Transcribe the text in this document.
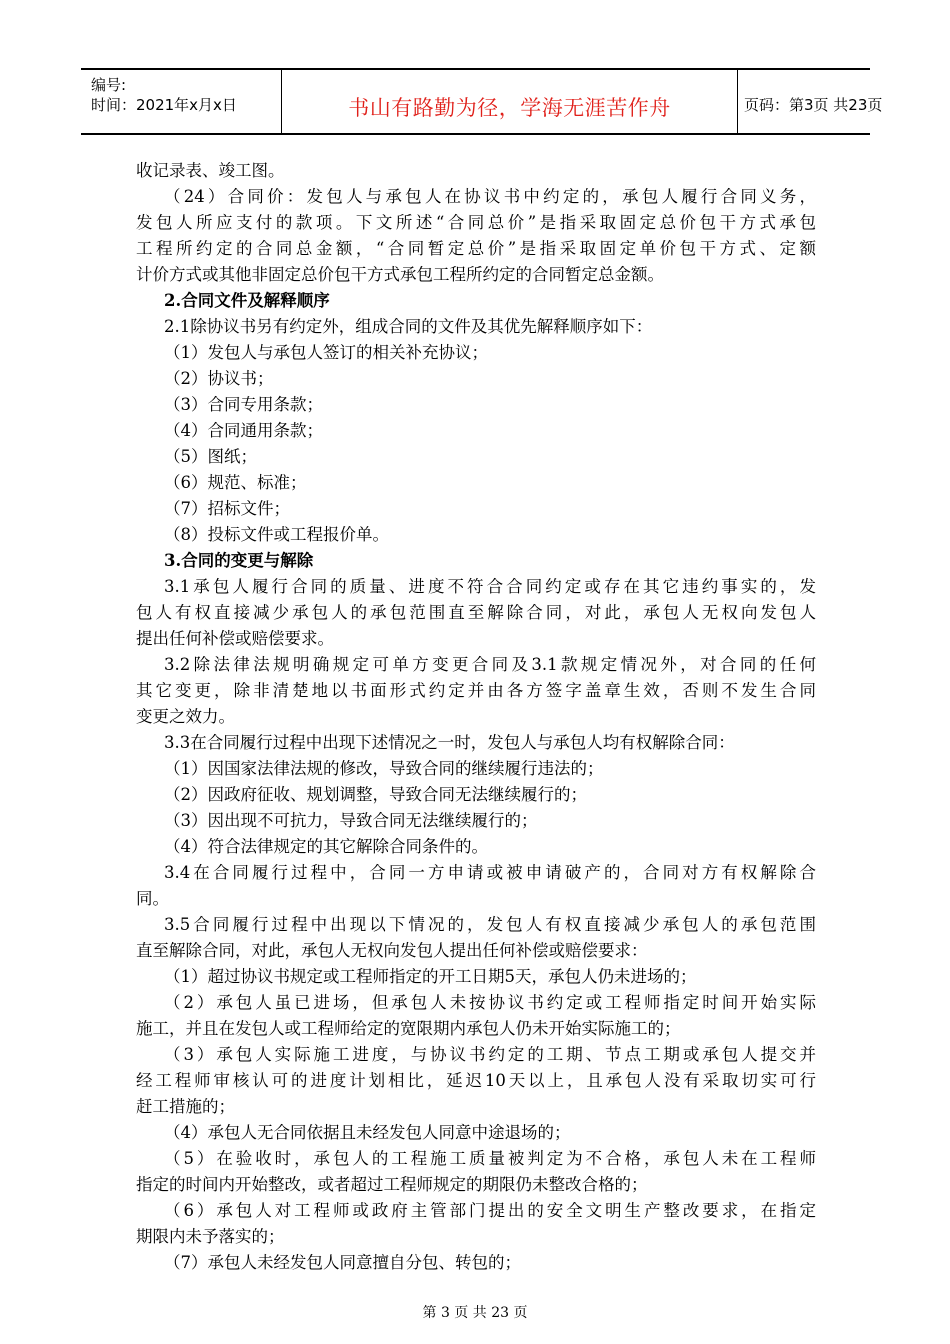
编号:
时间：2021年x月x日	书山有路勤为径，学海无涯苦作舟	页码：第3页 共23页
收记录表、竣工图。
（24）合同价：发包人与承包人在协议书中约定的，承包人履行合同义务，
发包人所应支付的款项。下文所述“合同总价”是指采取固定总价包干方式承包
工程所约定的合同总金额，“合同暂定总价”是指采取固定单价包干方式、定额
计价方式或其他非固定总价包干方式承包工程所约定的合同暂定总金额。
2.合同文件及解释顺序
2.1除协议书另有约定外，组成合同的文件及其优先解释顺序如下：
（1）发包人与承包人签订的相关补充协议；
（2）协议书；
（3）合同专用条款；
（4）合同通用条款；
（5）图纸；
（6）规范、标准；
（7）招标文件；
（8）投标文件或工程报价单。
3.合同的变更与解除
3.1承包人履行合同的质量、进度不符合合同约定或存在其它违约事实的，发
包人有权直接减少承包人的承包范围直至解除合同，对此，承包人无权向发包人
提出任何补偿或赔偿要求。
3.2除法律法规明确规定可单方变更合同及3.1款规定情况外，对合同的任何
其它变更，除非清楚地以书面形式约定并由各方签字盖章生效，否则不发生合同
变更之效力。
3.3在合同履行过程中出现下述情况之一时，发包人与承包人均有权解除合同：
（1）因国家法律法规的修改，导致合同的继续履行违法的；
（2）因政府征收、规划调整，导致合同无法继续履行的；
（3）因出现不可抗力，导致合同无法继续履行的；
（4）符合法律规定的其它解除合同条件的。
3.4在合同履行过程中，合同一方申请或被申请破产的，合同对方有权解除合
同。
3.5合同履行过程中出现以下情况的，发包人有权直接减少承包人的承包范围
直至解除合同，对此，承包人无权向发包人提出任何补偿或赔偿要求：
（1）超过协议书规定或工程师指定的开工日期5天，承包人仍未进场的；
（2）承包人虽已进场，但承包人未按协议书约定或工程师指定时间开始实际
施工，并且在发包人或工程师给定的宽限期内承包人仍未开始实际施工的；
（3）承包人实际施工进度，与协议书约定的工期、节点工期或承包人提交并
经工程师审核认可的进度计划相比，延迟10天以上，且承包人没有采取切实可行
赶工措施的；
（4）承包人无合同依据且未经发包人同意中途退场的；
（5）在验收时，承包人的工程施工质量被判定为不合格，承包人未在工程师
指定的时间内开始整改，或者超过工程师规定的期限仍未整改合格的；
（6）承包人对工程师或政府主管部门提出的安全文明生产整改要求，在指定
期限内未予落实的；
（7）承包人未经发包人同意擅自分包、转包的；
第 3 页 共 23 页
